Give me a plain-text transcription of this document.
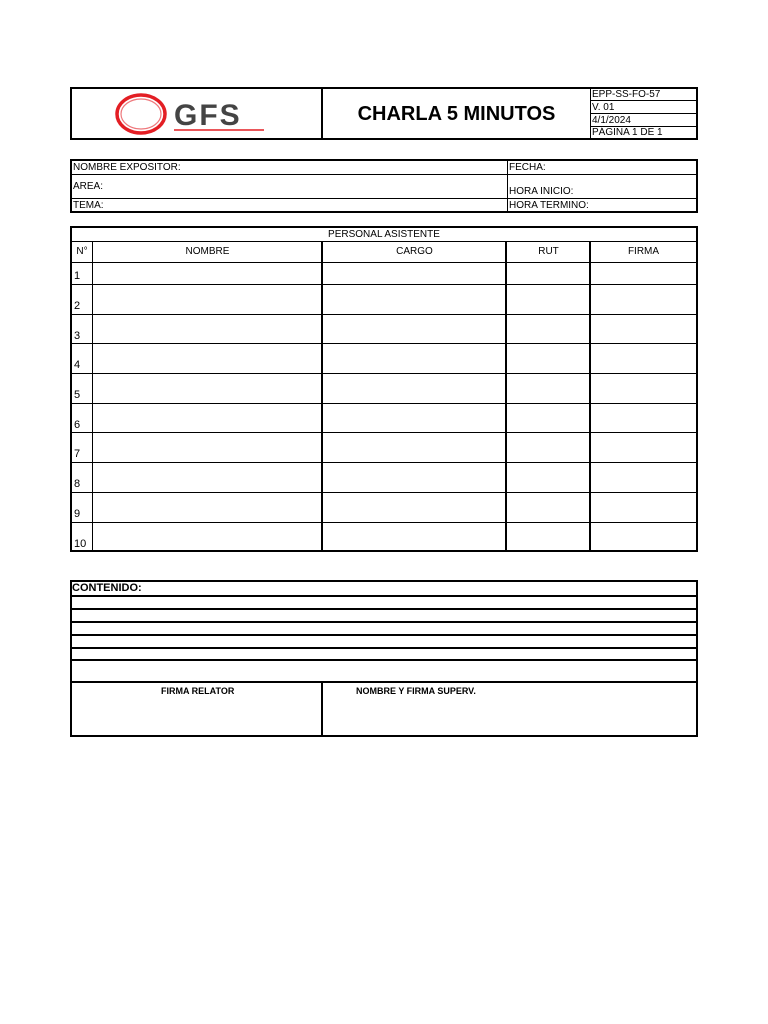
GFS	CHARLA 5 MINUTOS
EPP-SS-FO-57
V. 01
4/1/2024
PÁGINA 1 DE 1
NOMBRE EXPOSITOR:	FECHA:
AREA:	HORA INICIO:
TEMA:	HORA TERMINO:
PERSONAL ASISTENTE
N°	NOMBRE	CARGO	RUT	FIRMA
1
2
3
4
5
6
7
8
9
10
CONTENIDO:
FIRMA RELATOR	NOMBRE Y FIRMA SUPERV.
